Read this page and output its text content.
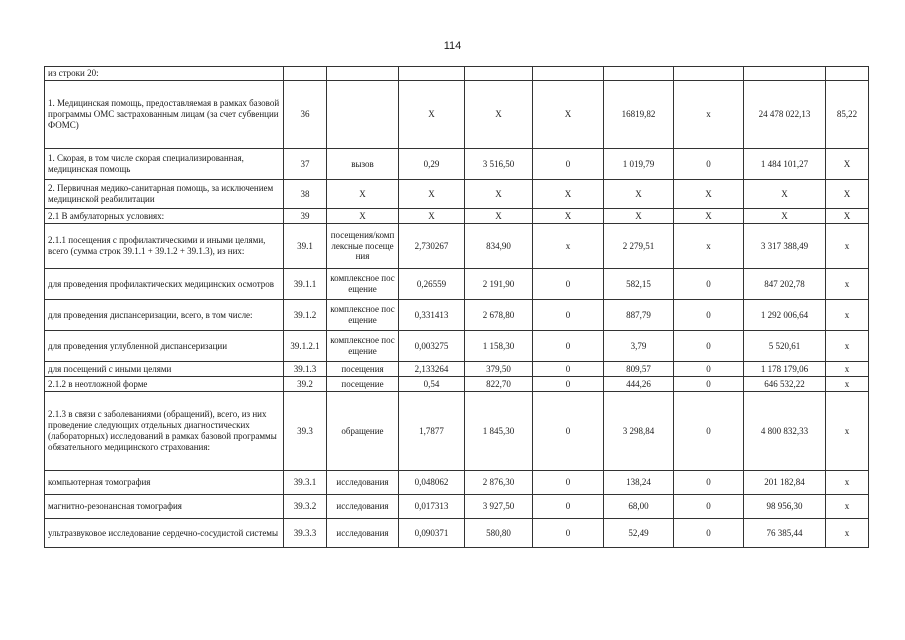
114
из строки 20:									
1. Медицинская помощь, предоставляемая в рамках базовой программы ОМС застрахованным лицам (за счет субвенции ФОМС)	36		X	X	X	16819,82	x	24 478 022,13	85,22
1. Скорая, в том числе скорая специализированная, медицинская помощь	37	вызов	0,29	3 516,50	0	1 019,79	0	1 484 101,27	X
2. Первичная медико-санитарная помощь, за исключением медицинской реабилитации	38	X	X	X	X	X	X	X	X
2.1 В амбулаторных условиях:	39	X	X	X	X	X	X	X	X
2.1.1 посещения с профилактическими и иными целями, всего (сумма строк 39.1.1 + 39.1.2 + 39.1.3), из них:	39.1	посещения/комплексные посещения	2,730267	834,90	x	2 279,51	x	3 317 388,49	x
для проведения профилактических медицинских осмотров	39.1.1	комплексное посещение	0,26559	2 191,90	0	582,15	0	847 202,78	x
для проведения диспансеризации, всего, в том числе:	39.1.2	комплексное посещение	0,331413	2 678,80	0	887,79	0	1 292 006,64	x
для проведения углубленной диспансеризации	39.1.2.1	комплексное посещение	0,003275	1 158,30	0	3,79	0	5 520,61	x
для посещений с иными целями	39.1.3	посещения	2,133264	379,50	0	809,57	0	1 178 179,06	x
2.1.2 в неотложной форме	39.2	посещение	0,54	822,70	0	444,26	0	646 532,22	x
2.1.3 в связи с заболеваниями (обращений), всего, из них проведение следующих отдельных диагностических (лабораторных) исследований в рамках базовой программы обязательного медицинского страхования:	39.3	обращение	1,7877	1 845,30	0	3 298,84	0	4 800 832,33	x
компьютерная томография	39.3.1	исследования	0,048062	2 876,30	0	138,24	0	201 182,84	x
магнитно-резонансная томография	39.3.2	исследования	0,017313	3 927,50	0	68,00	0	98 956,30	x
ультразвуковое исследование сердечно-сосудистой системы	39.3.3	исследования	0,090371	580,80	0	52,49	0	76 385,44	x
